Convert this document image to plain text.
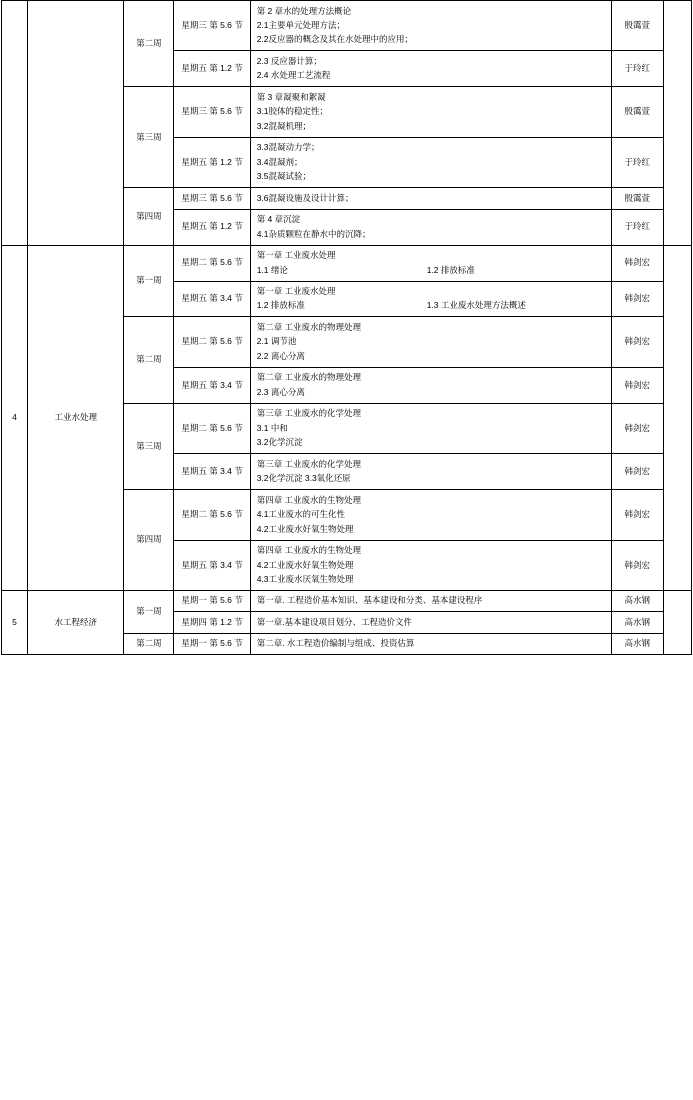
		第二周	星期三 第 5.6 节	第 2 章水的处理方法概论
2.1主要单元处理方法；
2.2反应器的概念及其在水处理中的应用；	殷霭萱	
			星期五 第 1.2 节	2.3 反应器计算；
2.4 水处理工艺流程	于玲红	
		第三周	星期三 第 5.6 节	第 3 章凝聚和絮凝
3.1胶体的稳定性；
3.2混凝机理；	殷霭萱	
			星期五 第 1.2 节	3.3混凝动力学；
3.4混凝剂；
3.5混凝试验；	于玲红	
		第四周	星期三 第 5.6 节	3.6混凝设施及设计计算；	殷霭萱	
			星期五 第 1.2 节	第 4 章沉淀
4.1杂质颗粒在静水中的沉降；	于玲红	
4	工业水处理	第一周	星期二 第 5.6 节	第一章 工业废水处理
1.1 绪论 1.2 排放标准	韩剑宏	
			星期五 第 3.4 节	第一章 工业废水处理
1.2 排放标准 1.3 工业废水处理方法概述	韩剑宏	
		第二周	星期二 第 5.6 节	第二章 工业废水的物理处理
2.1 调节池
2.2 离心分离	韩剑宏	
			星期五 第 3.4 节	第二章 工业废水的物理处理
2.3 离心分离	韩剑宏	
		第三周	星期二 第 5.6 节	第三章 工业废水的化学处理
3.1 中和
3.2化学沉淀	韩剑宏	
			星期五 第 3.4 节	第三章 工业废水的化学处理
3.2化学沉淀 3.3氧化还原	韩剑宏	
		第四周	星期二 第 5.6 节	第四章 工业废水的生物处理
4.1工业废水的可生化性
4.2工业废水好氧生物处理	韩剑宏	
			星期五 第 3.4 节	第四章 工业废水的生物处理
4.2工业废水好氧生物处理
4.3工业废水厌氧生物处理	韩剑宏	
5	水工程经济	第一周	星期一 第 5.6 节	第一章. 工程造价基本知识、基本建设和分类、基本建设程序	高水钢	
			星期四 第 1.2 节	第一章.基本建设项目划分、工程造价文件	高水钢	
		第二周	星期一 第 5.6 节	第二章. 水工程造价编制与组成、投资估算	高水钢	
